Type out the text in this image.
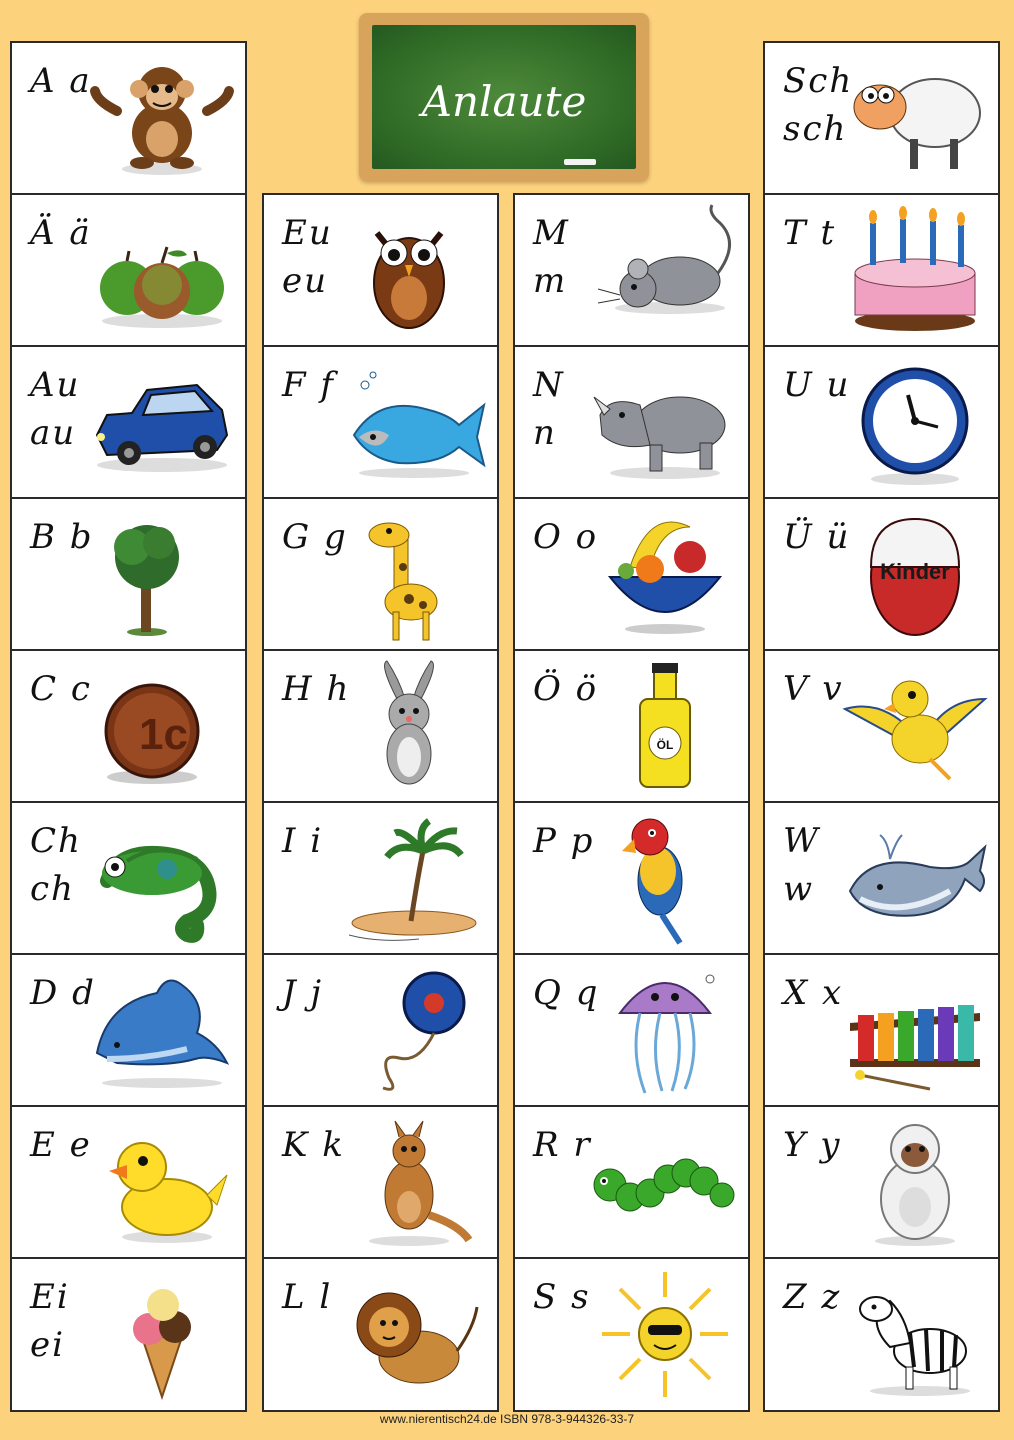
Anlaute
A a
Ä ä
Au
au
B b
C c
1c
Ch
ch
D d
E e
Ei
ei
Eu
eu
F f
G g
H h
I i
J j
K k
L l
M
m
N
n
O o
Ö ö
ÖL
P p
Q q
R r
S s
Sch
sch
T t
U u
Ü ü
Kinder
V v
W
w
X x
Y y
Z z
www.nierentisch24.de ISBN 978-3-944326-33-7
